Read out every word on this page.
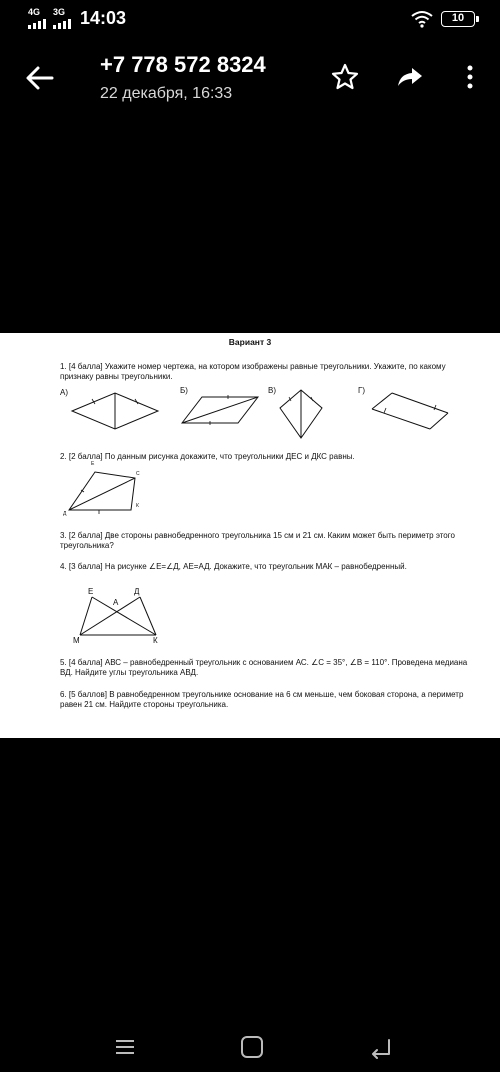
4G 3G 14:03	10
+7 778 572 8324
22 декабря, 16:33
Вариант 3
1. [4 балла] Укажите номер чертежа, на котором изображены равные треугольники. Укажите, по какому признаку равны треугольники.
А)	Б)	В)	Г)
2. [2 балла] По данным рисунка докажите, что треугольники ДЕС и ДКС равны.
Е
С
Д
К
3. [2 балла] Две стороны равнобедренного треугольника 15 см и 21 см. Каким может быть периметр этого треугольника?
4. [3 балла] На рисунке ∠Е=∠Д, АЕ=АД. Докажите, что треугольник МАК – равнобедренный.
Е	Д
А
М	К
5. [4 балла] АВС – равнобедренный треугольник с основанием АС. ∠С = 35°, ∠В = 110°. Проведена медиана ВД. Найдите углы треугольника АВД.
6. [5 баллов] В равнобедренном треугольнике основание на 6 см меньше, чем боковая сторона, а периметр равен 21 см. Найдите стороны треугольника.
